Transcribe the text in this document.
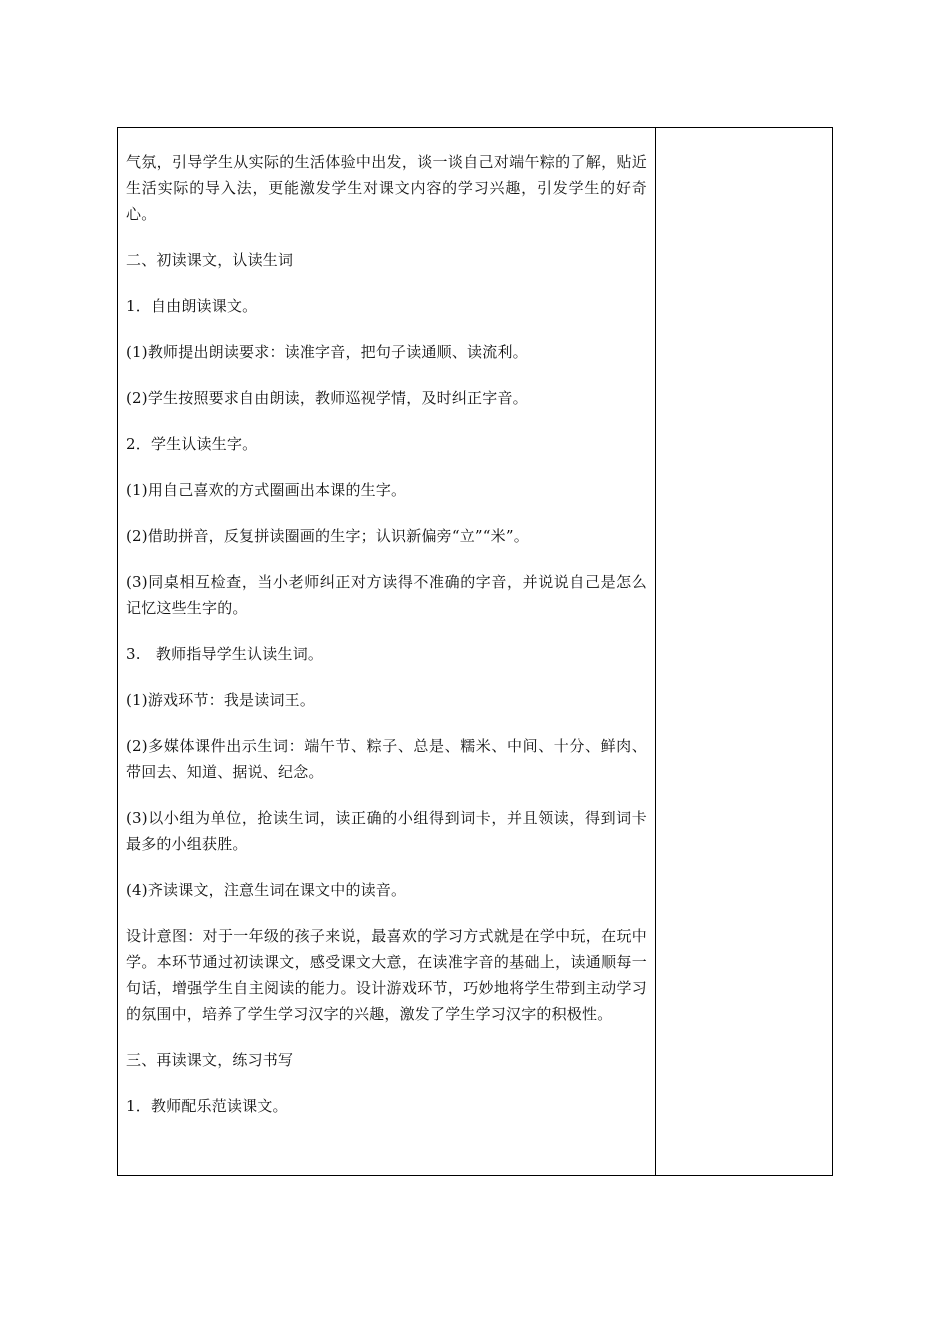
气氛，引导学生从实际的生活体验中出发，谈一谈自己对端午粽的了解，贴近生活实际的导入法，更能激发学生对课文内容的学习兴趣，引发学生的好奇心。

二、初读课文，认读生词

1．自由朗读课文。

(1)教师提出朗读要求：读准字音，把句子读通顺、读流利。

(2)学生按照要求自由朗读，教师巡视学情，及时纠正字音。

2．学生认读生字。

(1)用自己喜欢的方式圈画出本课的生字。

(2)借助拼音，反复拼读圈画的生字；认识新偏旁“立”“米”。

(3)同桌相互检查，当小老师纠正对方读得不准确的字音，并说说自己是怎么记忆这些生字的。

3.　教师指导学生认读生词。

(1)游戏环节：我是读词王。

(2)多媒体课件出示生词：端午节、粽子、总是、糯米、中间、十分、鲜肉、带回去、知道、据说、纪念。

(3)以小组为单位，抢读生词，读正确的小组得到词卡，并且领读，得到词卡最多的小组获胜。

(4)齐读课文，注意生词在课文中的读音。

设计意图：对于一年级的孩子来说，最喜欢的学习方式就是在学中玩，在玩中学。本环节通过初读课文，感受课文大意，在读准字音的基础上，读通顺每一句话，增强学生自主阅读的能力。设计游戏环节，巧妙地将学生带到主动学习的氛围中，培养了学生学习汉字的兴趣，激发了学生学习汉字的积极性。

三、再读课文，练习书写

1．教师配乐范读课文。
